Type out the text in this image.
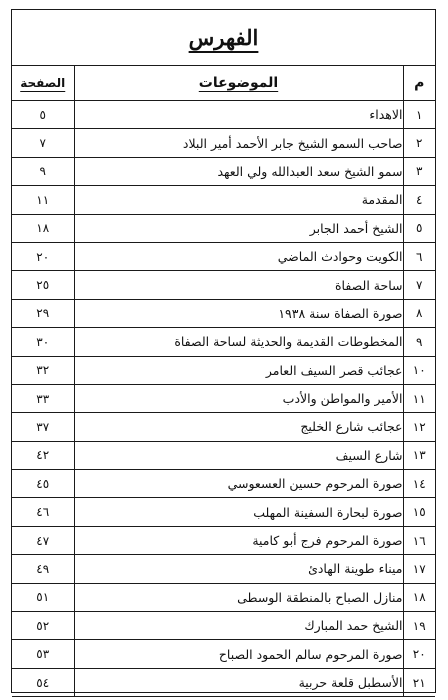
الفهرس
م	الموضوعات	الصفحة
١	الاهداء	٥
٢	صاحب السمو الشيخ جابر الأحمد أمير البلاد	٧
٣	سمو الشيخ سعد العبدالله ولي العهد	٩
٤	المقدمة	١١
٥	الشيخ أحمد الجابر	١٨
٦	الكويت وحوادث الماضي	٢٠
٧	ساحة الصفاة	٢٥
٨	صورة الصفاة سنة ١٩٣٨	٢٩
٩	المخطوطات القديمة والحديثة لساحة الصفاة	٣٠
١٠	عجائب قصر السيف العامر	٣٢
١١	الأمير والمواطن والأدب	٣٣
١٢	عجائب شارع الخليج	٣٧
١٣	شارع السيف	٤٢
١٤	صورة المرحوم حسين العسعوسي	٤٥
١٥	صورة لبحارة السفينة المهلب	٤٦
١٦	صورة المرحوم فرج أبو كامية	٤٧
١٧	ميناء طوينة الهادئ	٤٩
١٨	منازل الصباح بالمنطقة الوسطى	٥١
١٩	الشيخ حمد المبارك	٥٢
٢٠	صورة المرحوم سالم الحمود الصباح	٥٣
٢١	الأسطبل قلعة حربية	٥٤
